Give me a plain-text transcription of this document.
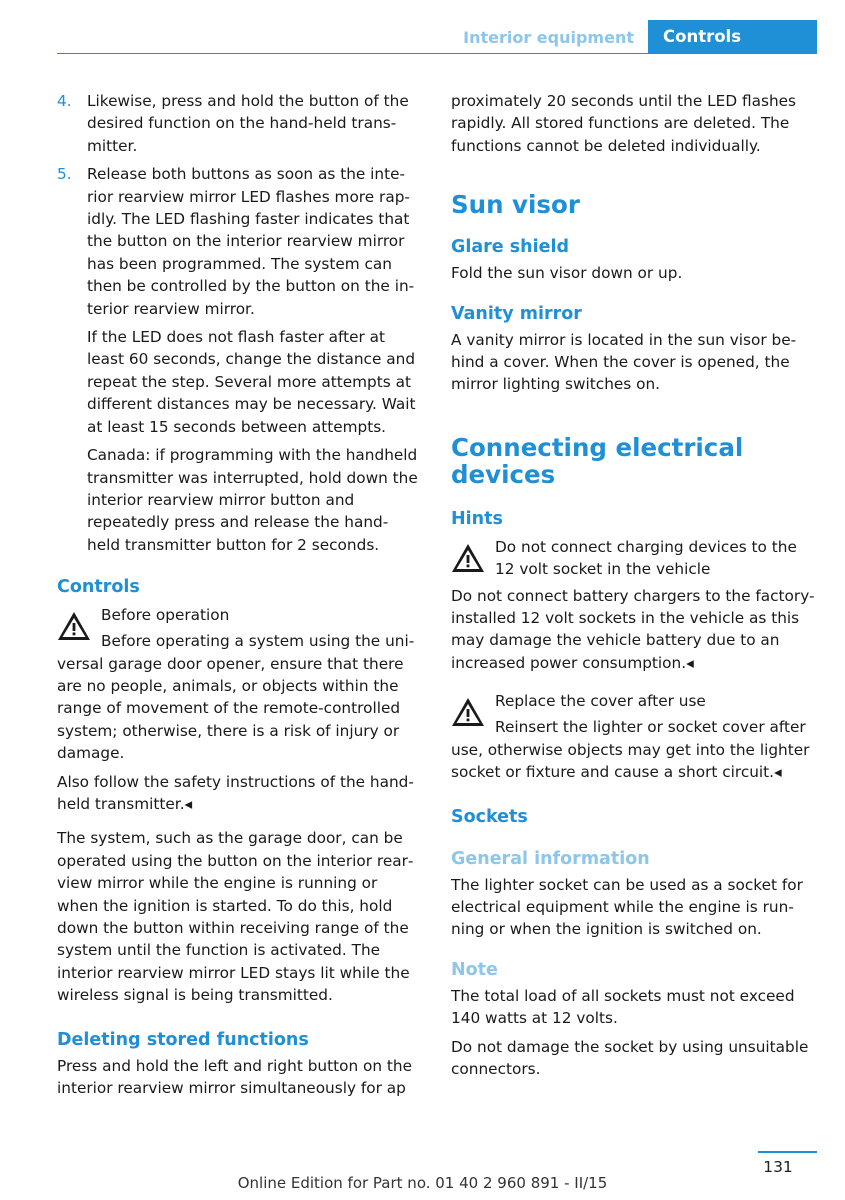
Interior equipment	Controls
4.	Likewise, press and hold the button of the desired function on the hand-held transmitter.
5.	Release both buttons as soon as the interior rearview mirror LED flashes more rapidly. The LED flashing faster indicates that the button on the interior rearview mirror has been programmed. The system can then be controlled by the button on the interior rearview mirror.

If the LED does not flash faster after at least 60 seconds, change the distance and repeat the step. Several more attempts at different distances may be necessary. Wait at least 15 seconds between attempts.

Canada: if programming with the handheld transmitter was interrupted, hold down the interior rearview mirror button and repeatedly press and release the hand-held transmitter button for 2 seconds.

Controls
Before operation

Before operating a system using the universal garage door opener, ensure that there are no people, animals, or objects within the range of movement of the remote-controlled system; otherwise, there is a risk of injury or damage.

Also follow the safety instructions of the handheld transmitter.◂

The system, such as the garage door, can be operated using the button on the interior rearview mirror while the engine is running or when the ignition is started. To do this, hold down the button within receiving range of the system until the function is activated. The interior rearview mirror LED stays lit while the wireless signal is being transmitted.

Deleting stored functions

Press and hold the left and right button on the interior rearview mirror simultaneously for ap

proximately 20 seconds until the LED flashes rapidly. All stored functions are deleted. The functions cannot be deleted individually.

Sun visor
Glare shield

Fold the sun visor down or up.

Vanity mirror

A vanity mirror is located in the sun visor behind a cover. When the cover is opened, the mirror lighting switches on.

Connecting electrical devices
Hints
Do not connect charging devices to the 12 volt socket in the vehicle

Do not connect battery chargers to the factory-installed 12 volt sockets in the vehicle as this may damage the vehicle battery due to an increased power consumption.◂

Replace the cover after use

Reinsert the lighter or socket cover after use, otherwise objects may get into the lighter socket or fixture and cause a short circuit.◂

Sockets
General information

The lighter socket can be used as a socket for electrical equipment while the engine is running or when the ignition is switched on.

Note

The total load of all sockets must not exceed 140 watts at 12 volts.

Do not damage the socket by using unsuitable connectors.

131
Online Edition for Part no. 01 40 2 960 891 - II/15
